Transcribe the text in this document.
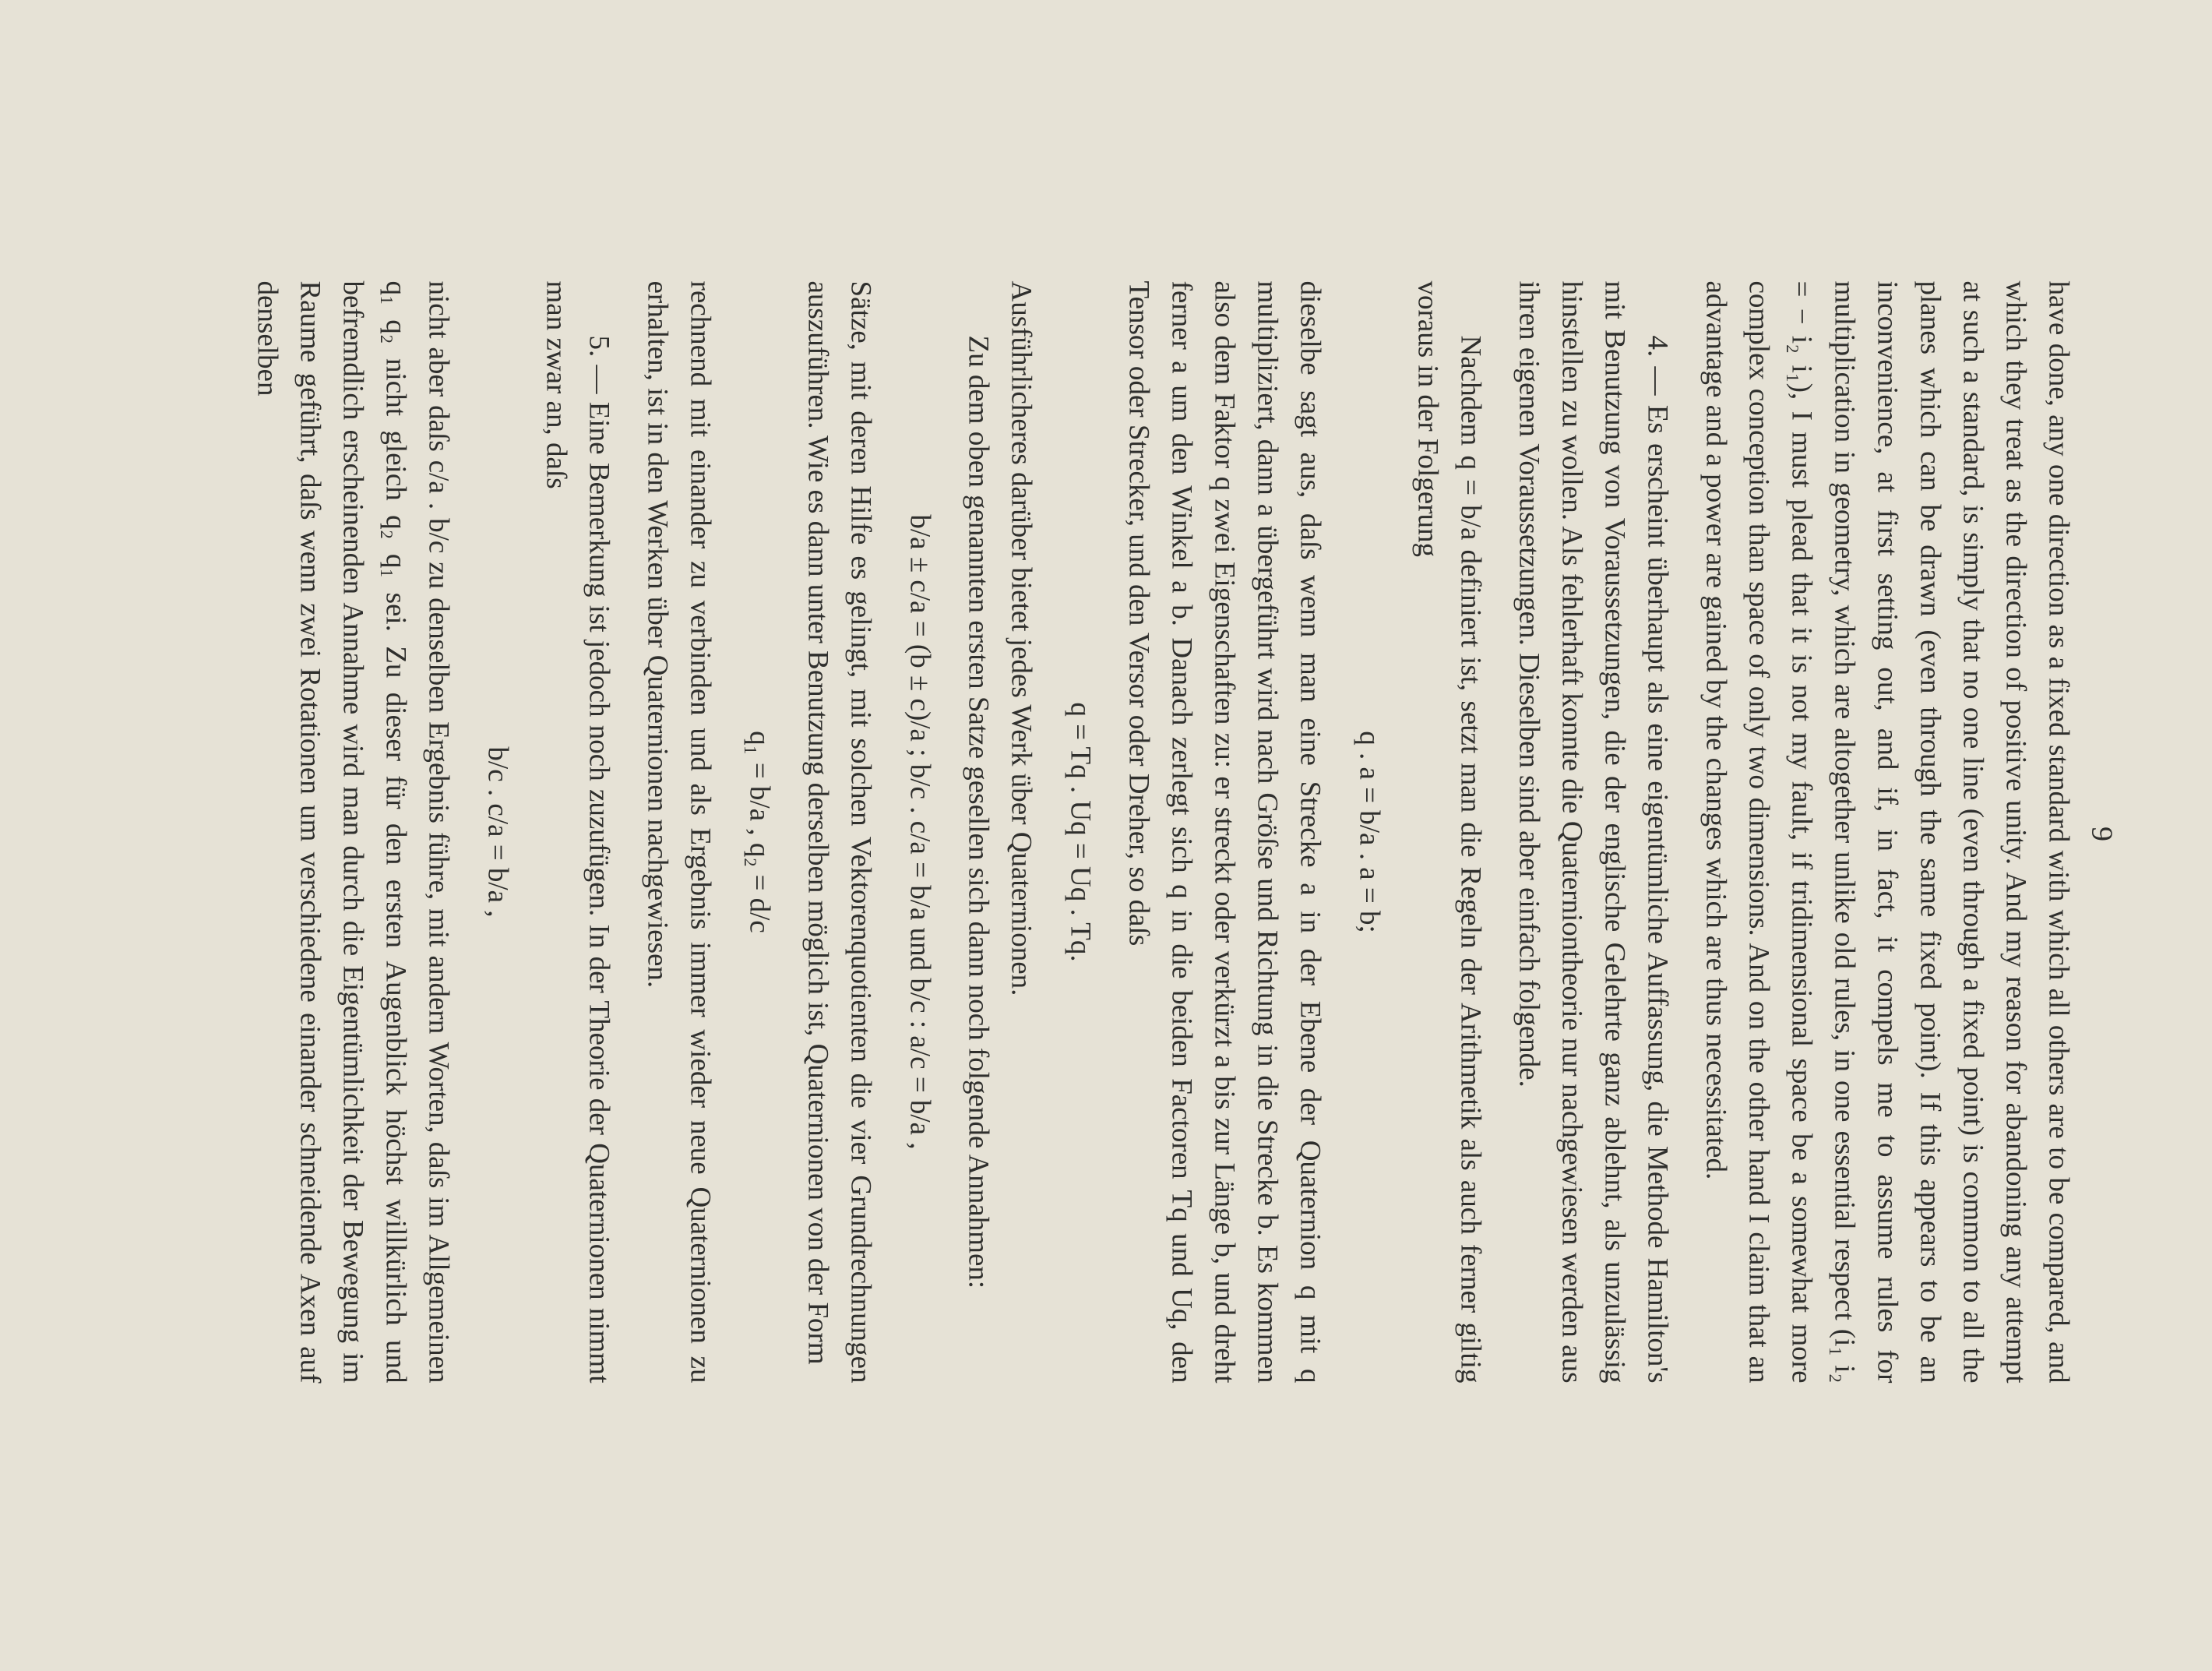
9

have done, any one direction as a fixed standard with which all others are to be compared, and which they treat as the direction of positive unity. And my reason for abandoning any attempt at such a standard, is simply that no one line (even through a fixed point) is common to all the planes which can be drawn (even through the same fixed point). If this appears to be an inconvenience, at first setting out, and if, in fact, it compels me to assume rules for multiplication in geometry, which are altogether unlike old rules, in one essential respect (i₁ i₂ = − i₂ i₁), I must plead that it is not my fault, if tridimensional space be a somewhat more complex conception than space of only two dimensions. And on the other hand I claim that an advantage and a power are gained by the changes which are thus necessitated.

4. — Es erscheint überhaupt als eine eigentümliche Auffassung, die Methode Hamilton's mit Benutzung von Voraussetzungen, die der englische Gelehrte ganz ablehnt, als unzulässig hinstellen zu wollen. Als fehlerhaft konnte die Quaterniontheorie nur nachgewiesen werden aus ihren eigenen Voraussetzungen. Dieselben sind aber einfach folgende.

Nachdem q = b/a definiert ist, setzt man die Regeln der Arithmetik als auch ferner giltig voraus in der Folgerung

q . a = b/a . a = b;

dieselbe sagt aus, daſs wenn man eine Strecke a in der Ebene der Quaternion q mit q multipliziert, dann a übergeführt wird nach Gröſse und Richtung in die Strecke b. Es kommen also dem Faktor q zwei Eigenschaften zu: er streckt oder verkürzt a bis zur Länge b, und dreht ferner a um den Winkel a b. Danach zerlegt sich q in die beiden Factoren Tq und Uq, den Tensor oder Strecker, und den Versor oder Dreher, so daſs

q = Tq . Uq = Uq . Tq.

Ausführlicheres darüber bietet jedes Werk über Quaternionen.

Zu dem oben genannten ersten Satze gesellen sich dann noch folgende Annahmen:

b/a ± c/a = (b ± c)/a ; b/c . c/a = b/a und b/c : a/c = b/a ,

Sätze, mit deren Hilfe es gelingt, mit solchen Vektorenquotienten die vier Grundrechnungen auszuführen. Wie es dann unter Benutzung derselben möglich ist, Quaternionen von der Form

q₁ = b/a , q₂ = d/c

rechnend mit einander zu verbinden und als Ergebnis immer wieder neue Quaternionen zu erhalten, ist in den Werken über Quaternionen nachgewiesen.

5. — Eine Bemerkung ist jedoch noch zuzufügen. In der Theorie der Quaternionen nimmt man zwar an, daſs

b/c . c/a = b/a ,

nicht aber daſs c/a . b/c zu denselben Ergebnis führe, mit andern Worten, daſs im Allgemeinen q₁ q₂ nicht gleich q₂ q₁ sei. Zu dieser für den ersten Augenblick höchst willkürlich und befremdlich erscheinenden Annahme wird man durch die Eigentümlichkeit der Bewegung im Raume geführt, daſs wenn zwei Rotationen um verschiedene einander schneidende Axen auf denselben
